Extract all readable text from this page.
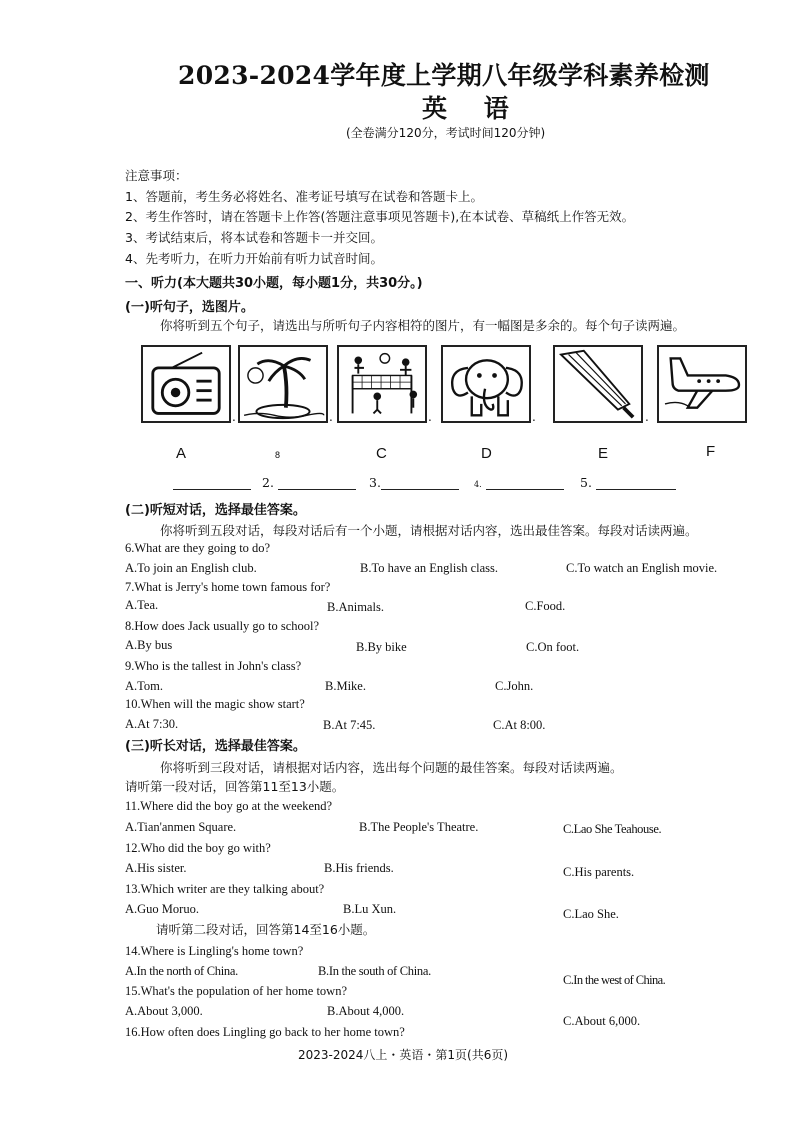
2023-2024学年度上学期八年级学科素养检测
英 语
(全卷满分120分，考试时间120分钟)
注意事项：
1、答题前，考生务必将姓名、准考证号填写在试卷和答题卡上。
2、考生作答时，请在答题卡上作答(答题注意事项见答题卡),在本试卷、草稿纸上作答无效。
3、考试结束后，将本试卷和答题卡一并交回。
4、先考听力，在听力开始前有听力试音时间。
一、听力(本大题共30小题，每小题1分，共30分。)
(一)听句子，选图片。
你将听到五个句子，请选出与所听句子内容相符的图片，有一幅图是多余的。每个句子读两遍。
.	.	.	.	.
A	8	C	D	E	F
2.	3.	4.	5.
(二)听短对话，选择最佳答案。
你将听到五段对话，每段对话后有一个小题，请根据对话内容，选出最佳答案。每段对话读两遍。
6.What are they going to do?
A.To join an English club.	B.To have an English class.	C.To watch an English movie.
7.What is Jerry's home town famous for?
A.Tea.	B.Animals.	C.Food.
8.How does Jack usually go to school?
A.By bus	B.By bike	C.On foot.
9.Who is the tallest in John's class?
A.Tom.	B.Mike.	C.John.
10.When will the magic show start?
A.At 7:30.	B.At 7:45.	C.At 8:00.
(三)听长对话，选择最佳答案。
你将听到三段对话，请根据对话内容，选出每个问题的最佳答案。每段对话读两遍。
请听第一段对话，回答第11至13小题。
11.Where did the boy go at the weekend?
A.Tian'anmen Square.	B.The People's Theatre.	C.Lao She Teahouse.
12.Who did the boy go with?
A.His sister.	B.His friends.	C.His parents.
13.Which writer are they talking about?
A.Guo Moruo.	B.Lu Xun.	C.Lao She.
请听第二段对话，回答第14至16小题。
14.Where is Lingling's home town?
A.In the north of China.	B.In the south of China.
C.In the west of China.
15.What's the population of her home town?
A.About 3,000.	B.About 4,000.
C.About 6,000.
16.How often does Lingling go back to her home town?
2023-2024八上・英语・第1页(共6页)
